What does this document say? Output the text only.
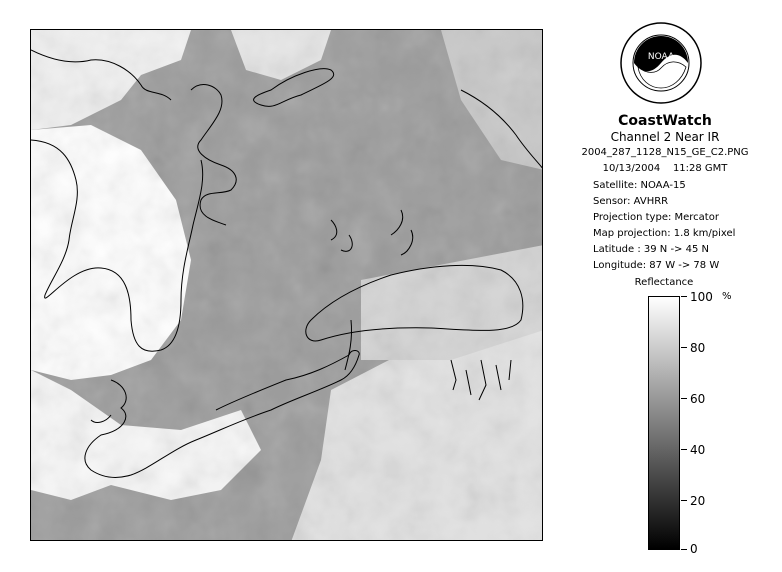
NOAA
CoastWatch
Channel 2 Near IR
2004_287_1128_N15_GE_C2.PNG
10/13/2004 11:28 GMT
Satellite: NOAA-15
Sensor: AVHRR
Projection type: Mercator
Map projection: 1.8 km/pixel
Latitude : 39 N -> 45 N
Longitude: 87 W -> 78 W
Reflectance
%
100
80
60
40
20
0
